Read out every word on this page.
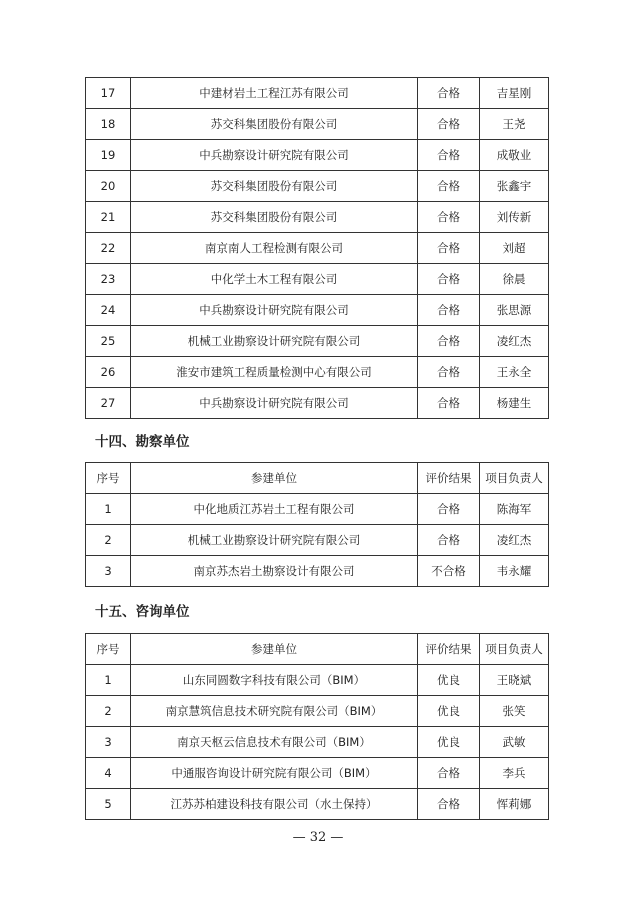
17	中建材岩土工程江苏有限公司	合格	吉星刚
18	苏交科集团股份有限公司	合格	王尧
19	中兵勘察设计研究院有限公司	合格	成敬业
20	苏交科集团股份有限公司	合格	张鑫宇
21	苏交科集团股份有限公司	合格	刘传新
22	南京南人工程检测有限公司	合格	刘超
23	中化学土木工程有限公司	合格	徐晨
24	中兵勘察设计研究院有限公司	合格	张思源
25	机械工业勘察设计研究院有限公司	合格	凌红杰
26	淮安市建筑工程质量检测中心有限公司	合格	王永全
27	中兵勘察设计研究院有限公司	合格	杨建生
十四、勘察单位
序号	参建单位	评价结果	项目负责人
1	中化地质江苏岩土工程有限公司	合格	陈海军
2	机械工业勘察设计研究院有限公司	合格	凌红杰
3	南京苏杰岩土勘察设计有限公司	不合格	韦永耀
十五、咨询单位
序号	参建单位	评价结果	项目负责人
1	山东同圆数字科技有限公司（BIM）	优良	王晓斌
2	南京慧筑信息技术研究院有限公司（BIM）	优良	张笑
3	南京天枢云信息技术有限公司（BIM）	优良	武敏
4	中通服咨询设计研究院有限公司（BIM）	合格	李兵
5	江苏苏柏建设科技有限公司（水土保持）	合格	恽莉娜
— 32 —
